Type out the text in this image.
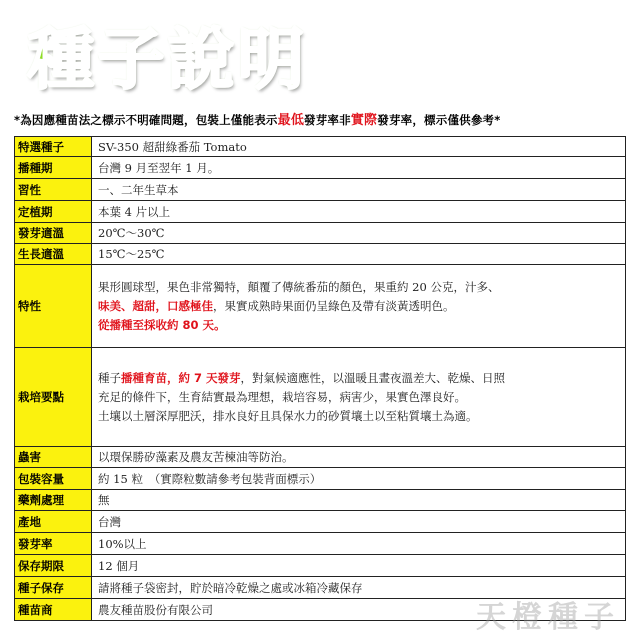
種子說明
*為因應種苗法之標示不明確問題，包裝上僅能表示最低發芽率非實際發芽率，標示僅供參考*
特選種子	SV-350 超甜綠番茄 Tomato
播種期	台灣 9 月至翌年 1 月。
習性	一、二年生草本
定植期	本葉 4 片以上
發芽適溫	20℃～30℃
生長適溫	15℃～25℃
特性	果形圓球型，果色非常獨特，顛覆了傳統番茄的顏色，果重約 20 公克，汁多、
味美、超甜，口感極佳，果實成熟時果面仍呈綠色及帶有淡黃透明色。
從播種至採收約 80 天。

栽培要點	種子播種育苗，約 7 天發芽，對氣候適應性，以溫暖且晝夜溫差大、乾燥、日照
充足的條件下，生育結實最為理想，栽培容易，病害少，果實色澤良好。
土壤以土層深厚肥沃，排水良好且具保水力的砂質壤土以至粘質壤土為適。

蟲害	以環保勝矽藻素及農友苦楝油等防治。
包裝容量	約 15 粒　（實際粒數請參考包裝背面標示）
藥劑處理	無
產地	台灣
發芽率	10%以上
保存期限	12 個月
種子保存	請將種子袋密封，貯於暗冷乾燥之處或冰箱冷藏保存
種苗商	農友種苗股份有限公司	天橙種子
